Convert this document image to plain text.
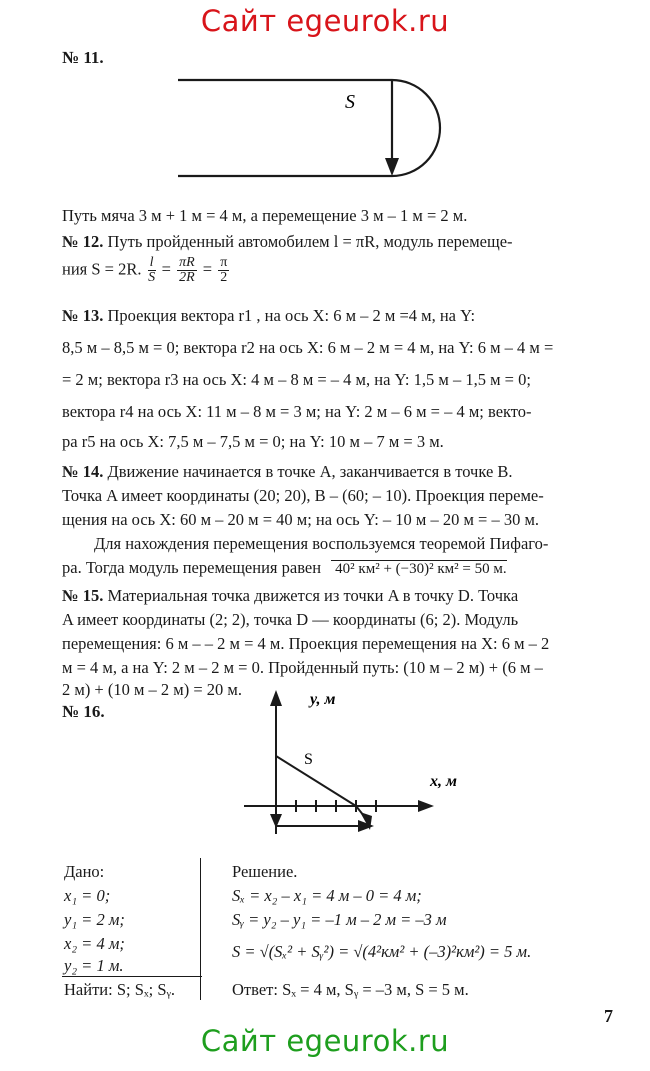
Сайт egeurok.ru
№ 11.
S
Путь мяча 3 м + 1 м = 4 м, а перемещение 3 м – 1 м = 2 м.
№ 12. Путь пройденный автомобилем l = πR, модуль перемеще-
ния S = 2R. $\frac{l}{S} = \frac{\pi R}{2R} = \frac{\pi}{2}$
№ 13. Проекция вектора r1 , на ось X: 6 м – 2 м =4 м, на Y:
8,5 м – 8,5 м = 0; вектора r2 на ось X: 6 м – 2 м = 4 м, на Y: 6 м – 4 м =
= 2 м; вектора r3 на ось X: 4 м – 8 м = – 4 м, на Y: 1,5 м – 1,5 м = 0;
вектора r4 на ось X: 11 м – 8 м = 3 м; на Y: 2 м – 6 м = – 4 м; векто-
ра r5 на ось X: 7,5 м – 7,5 м = 0; на Y: 10 м – 7 м = 3 м.
№ 14. Движение начинается в точке A, заканчивается в точке B.
Точка A имеет координаты (20; 20), B – (60; – 10). Проекция переме-
щения на ось X: 60 м – 20 м = 40 м; на ось Y: – 10 м – 20 м = – 30 м.
Для нахождения перемещения воспользуемся теоремой Пифаго-
ра. Тогда модуль перемещения равен 40² км² + (−30)² км² = 50 м.
№ 15. Материальная точка движется из точки A в точку D. Точка
A имеет координаты (2; 2), точка D — координаты (6; 2). Модуль
перемещения: 6 м – – 2 м = 4 м. Проекция перемещения на X: 6 м – 2
м = 4 м, а на Y: 2 м – 2 м = 0. Пройденный путь: (10 м – 2 м) + (6 м –
2 м) + (10 м – 2 м) = 20 м.
№ 16.
y, м
x, м
S
Дано:
x₁ = 0;
y₁ = 2 м;
x₂ = 4 м;
y₂ = 1 м.
Найти: S; Sₓ; Sᵧ.
Решение.
Sₓ = x₂ – x₁ = 4 м – 0 = 4 м;
Sᵧ = y₂ – y₁ = –1 м – 2 м = –3 м
S = √(Sₓ² + Sᵧ²) = √(4²км² + (–3)²км²) = 5 м.
Ответ: Sₓ = 4 м, Sᵧ = –3 м, S = 5 м.
7
Сайт egeurok.ru
